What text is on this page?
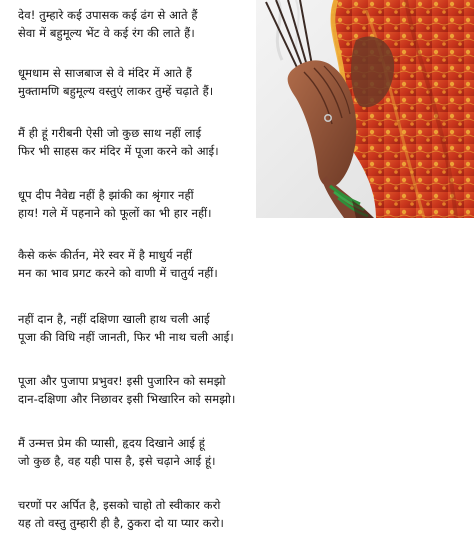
देव! तुम्हारे कई उपासक कई ढंग से आते हैं
सेवा में बहुमूल्य भेंट वे कई रंग की लाते हैं।
धूमधाम से साजबाज से वे मंदिर में आते हैं
मुक्तामणि बहुमूल्य वस्तुएं लाकर तुम्हें चढ़ाते हैं।
मैं ही हूं गरीबनी ऐसी जो कुछ साथ नहीं लाई
फिर भी साहस कर मंदिर में पूजा करने को आई।
धूप दीप नैवेद्य नहीं है झांकी का श्रृंगार नहीं
हाय! गले में पहनाने को फूलों का भी हार नहीं।
कैसे करूं कीर्तन, मेरे स्वर में है माधुर्य नहीं
मन का भाव प्रगट करने को वाणी में चातुर्य नहीं।
नहीं दान है, नहीं दक्षिणा खाली हाथ चली आई
पूजा की विधि नहीं जानती, फिर भी नाथ चली आई।
पूजा और पुजापा प्रभुवर! इसी पुजारिन को समझो
दान-दक्षिणा और निछावर इसी भिखारिन को समझो।
मैं उन्मत्त प्रेम की प्यासी, हृदय दिखाने आई हूं
जो कुछ है, वह यही पास है, इसे चढ़ाने आई हूं।
चरणों पर अर्पित है, इसको चाहो तो स्वीकार करो
यह तो वस्तु तुम्हारी ही है, ठुकरा दो या प्यार करो।
